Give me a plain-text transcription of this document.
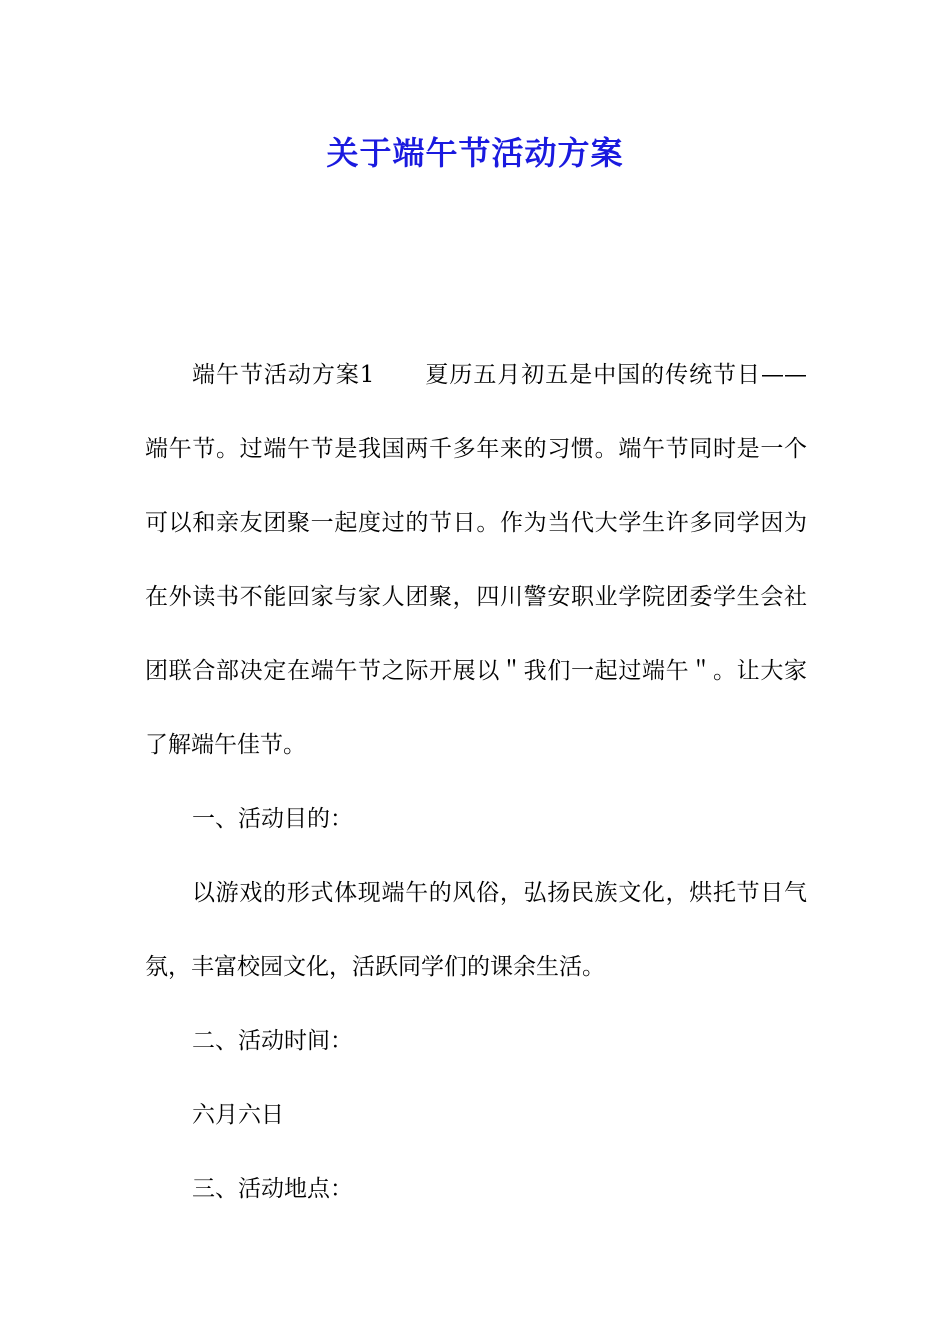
关于端午节活动方案

端午节活动方案1 夏历五月初五是中国的传统节日——端午节。过端午节是我国两千多年来的习惯。端午节同时是一个可以和亲友团聚一起度过的节日。作为当代大学生许多同学因为在外读书不能回家与家人团聚，四川警安职业学院团委学生会社团联合部决定在端午节之际开展以＂我们一起过端午＂。让大家了解端午佳节。

一、活动目的：

以游戏的形式体现端午的风俗，弘扬民族文化，烘托节日气氛，丰富校园文化，活跃同学们的课余生活。

二、活动时间：

六月六日

三、活动地点：
